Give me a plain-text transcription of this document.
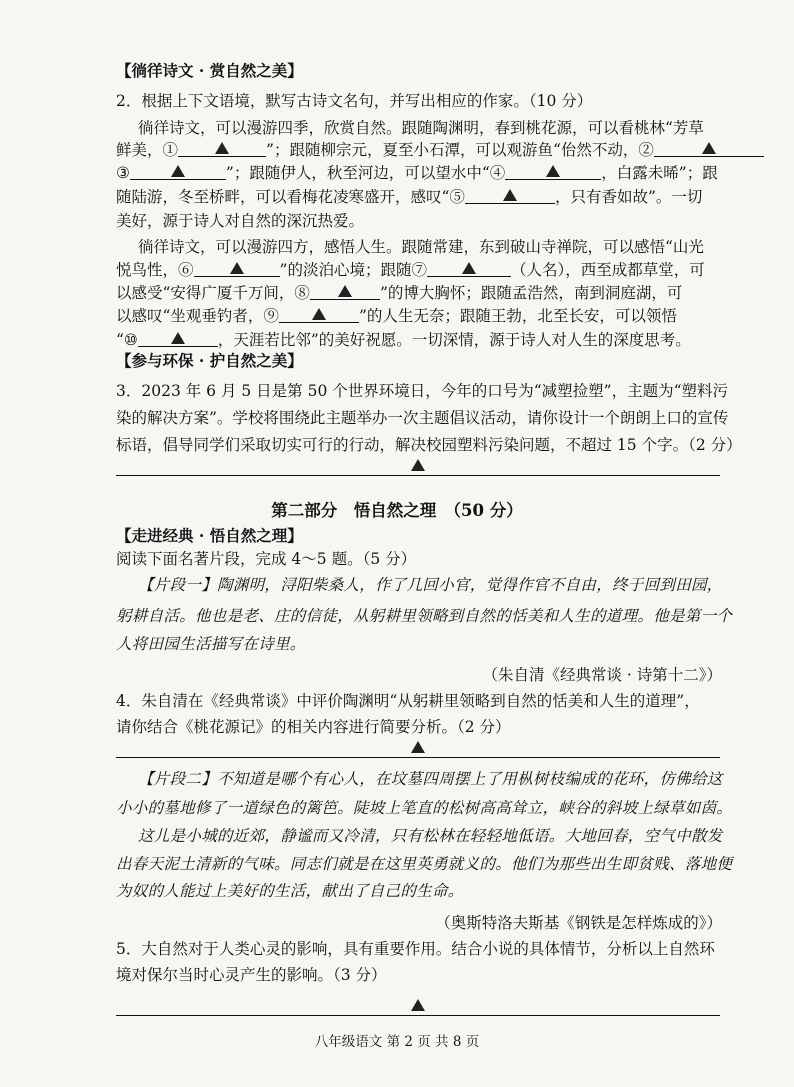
【徜徉诗文 · 赏自然之美】
2．根据上下文语境，默写古诗文名句，并写出相应的作家。（10 分）
徜徉诗文，可以漫游四季，欣赏自然。跟随陶渊明，春到桃花源，可以看桃林“芳草
鲜美，①	”；跟随柳宗元，夏至小石潭，可以观游鱼“佁然不动，②
③	”；跟随伊人，秋至河边，可以望水中“④	，白露未晞”；跟
随陆游，冬至桥畔，可以看梅花凌寒盛开，感叹“⑤	，只有香如故”。一切
美好，源于诗人对自然的深沉热爱。
徜徉诗文，可以漫游四方，感悟人生。跟随常建，东到破山寺禅院，可以感悟“山光
悦鸟性，⑥	”的淡泊心境；跟随⑦	（人名），西至成都草堂，可
以感受“安得广厦千万间，⑧	”的博大胸怀；跟随孟浩然，南到洞庭湖，可
以感叹“坐观垂钓者，⑨	”的人生无奈；跟随王勃，北至长安，可以领悟
“⑩	，天涯若比邻”的美好祝愿。一切深情，源于诗人对人生的深度思考。
【参与环保 · 护自然之美】
3．2023 年 6 月 5 日是第 50 个世界环境日，今年的口号为“减塑捡塑”，主题为“塑料污
染的解决方案”。学校将围绕此主题举办一次主题倡议活动，请你设计一个朗朗上口的宣传
标语，倡导同学们采取切实可行的行动，解决校园塑料污染问题，不超过 15 个字。（2 分）
第二部分　悟自然之理　（50 分）
【走进经典 · 悟自然之理】
阅读下面名著片段，完成 4～5 题。（5 分）
【片段一】陶渊明，浔阳柴桑人，作了几回小官，觉得作官不自由，终于回到田园，
躬耕自活。他也是老、庄的信徒，从躬耕里领略到自然的恬美和人生的道理。他是第一个
人将田园生活描写在诗里。
（朱自清《经典常谈 · 诗第十二》）
4．朱自清在《经典常谈》中评价陶渊明“从躬耕里领略到自然的恬美和人生的道理”，
请你结合《桃花源记》的相关内容进行简要分析。（2 分）
【片段二】不知道是哪个有心人，在坟墓四周摆上了用枞树枝编成的花环，仿佛给这
小小的墓地修了一道绿色的篱笆。陡坡上笔直的松树高高耸立，峡谷的斜坡上绿草如茵。
这儿是小城的近郊，静谧而又冷清，只有松林在轻轻地低语。大地回春，空气中散发
出春天泥土清新的气味。同志们就是在这里英勇就义的。他们为那些出生即贫贱、落地便
为奴的人能过上美好的生活，献出了自己的生命。
（奥斯特洛夫斯基《钢铁是怎样炼成的》）
5．大自然对于人类心灵的影响，具有重要作用。结合小说的具体情节，分析以上自然环
境对保尔当时心灵产生的影响。（3 分）
八年级语文 第 2 页 共 8 页
